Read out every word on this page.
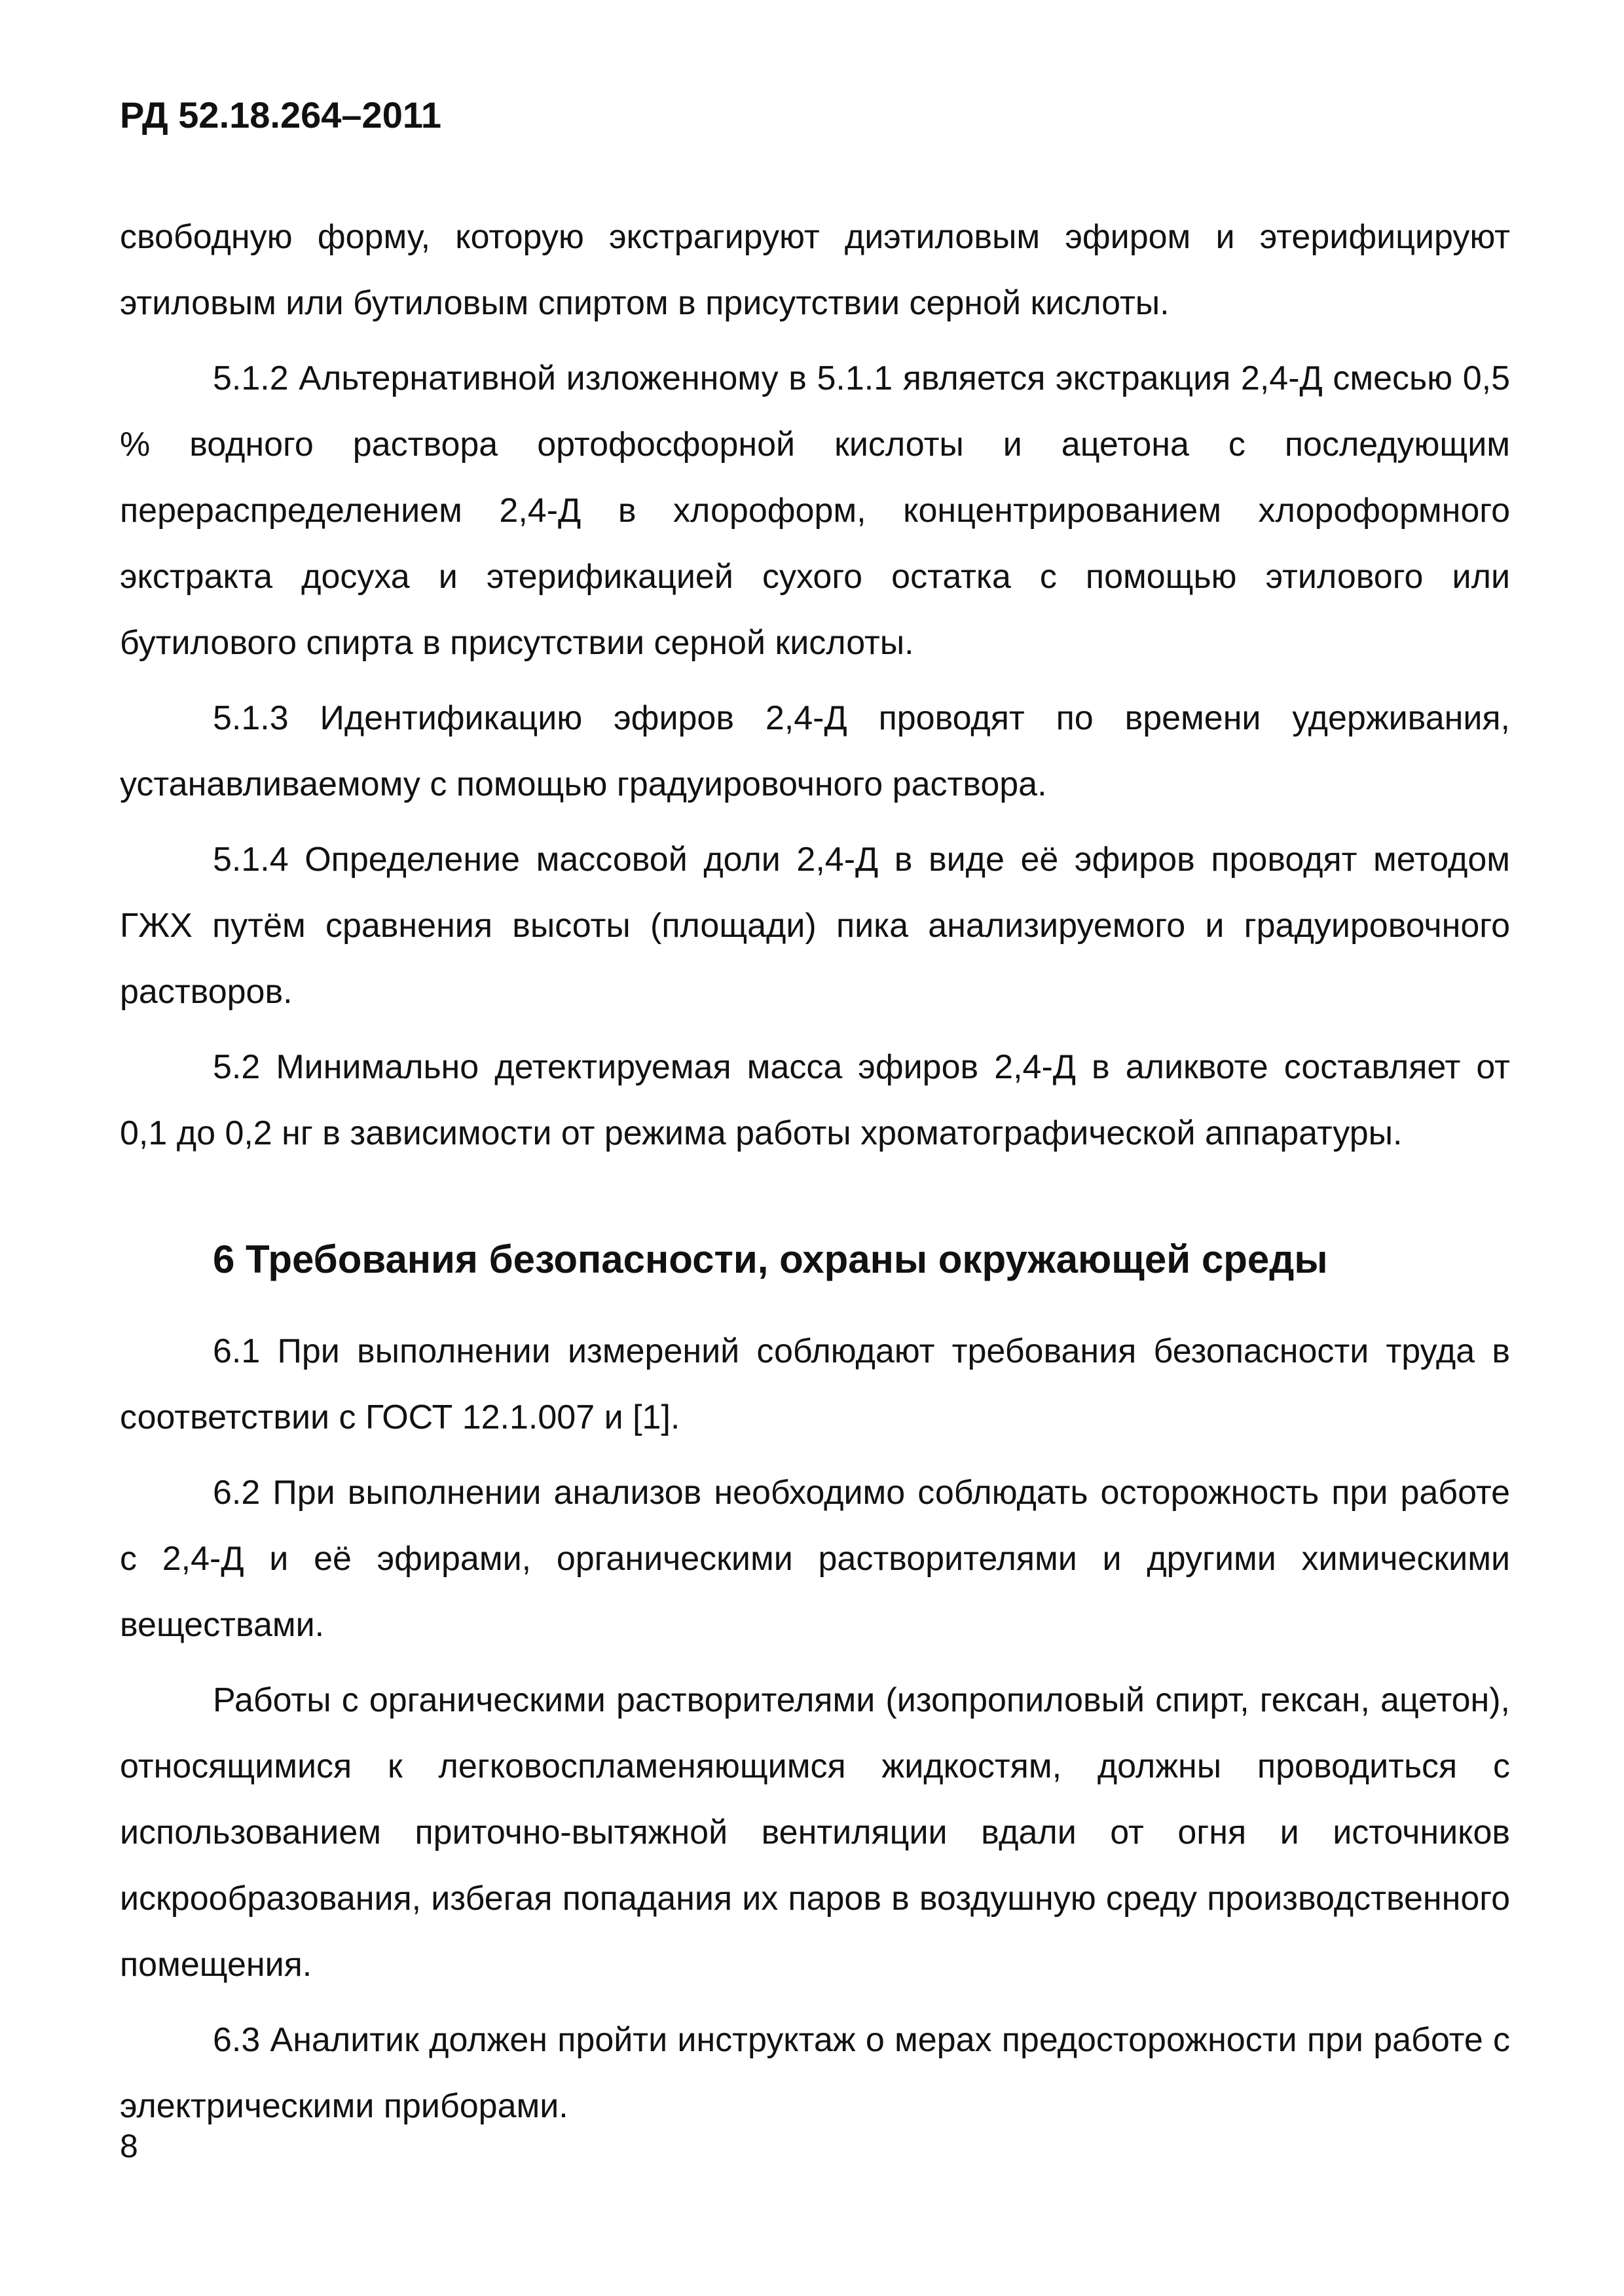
РД 52.18.264–2011

свободную форму, которую экстрагируют диэтиловым эфиром и этерифицируют этиловым или бутиловым спиртом в присутствии серной кислоты.

5.1.2 Альтернативной изложенному в 5.1.1 является экстракция 2,4-Д смесью 0,5 % водного раствора ортофосфорной кислоты и ацетона с последующим перераспределением 2,4-Д в хлороформ, концентрированием хлороформного экстракта досуха и этерификацией сухого остатка с помощью этилового или бутилового спирта в присутствии серной кислоты.

5.1.3 Идентификацию эфиров 2,4-Д проводят по времени удерживания, устанавливаемому с помощью градуировочного раствора.

5.1.4 Определение массовой доли 2,4-Д в виде её эфиров проводят методом ГЖХ путём сравнения высоты (площади) пика анализируемого и градуировочного растворов.

5.2 Минимально детектируемая масса эфиров 2,4-Д в аликвоте составляет от 0,1 до 0,2 нг в зависимости от режима работы хроматографической аппаратуры.

6 Требования безопасности, охраны окружающей среды

6.1 При выполнении измерений соблюдают требования безопасности труда в соответствии с ГОСТ 12.1.007 и [1].

6.2 При выполнении анализов необходимо соблюдать осторожность при работе с 2,4-Д и её эфирами, органическими растворителями и другими химическими веществами.

Работы с органическими растворителями (изопропиловый спирт, гексан, ацетон), относящимися к легковоспламеняющимся жидкостям, должны проводиться с использованием приточно-вытяжной вентиляции вдали от огня и источников искрообразования, избегая попадания их паров в воздушную среду производственного помещения.

6.3 Аналитик должен пройти инструктаж о мерах предосторожности при работе с электрическими приборами.

8
